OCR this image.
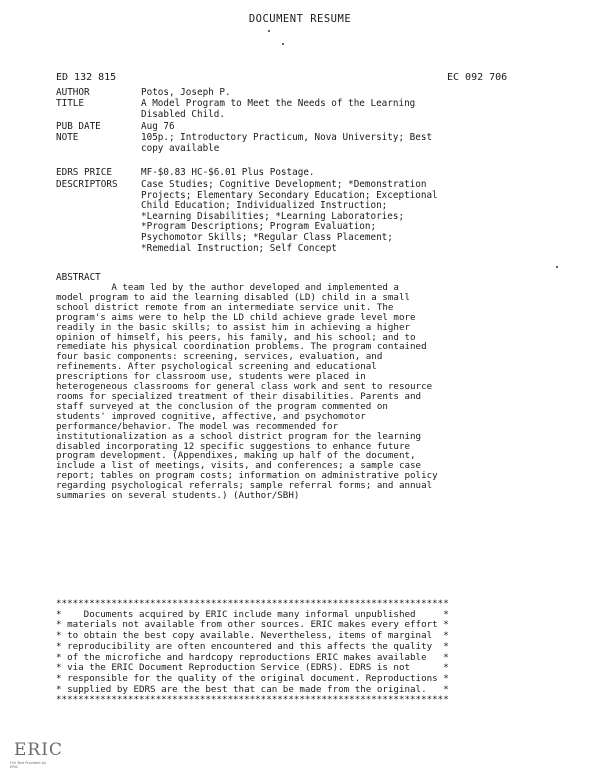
DOCUMENT RESUME
ED 132 815	EC 092 706
AUTHOR	Potos, Joseph P.
TITLE	A Model Program to Meet the Needs of the Learning
Disabled Child.
PUB DATE	Aug 76
NOTE	105p.; Introductory Practicum, Nova University; Best
copy available
EDRS PRICE	MF-$0.83 HC-$6.01 Plus Postage.
DESCRIPTORS	Case Studies; Cognitive Development; *Demonstration
Projects; Elementary Secondary Education; Exceptional
Child Education; Individualized Instruction;
*Learning Disabilities; *Learning Laboratories;
*Program Descriptions; Program Evaluation;
Psychomotor Skills; *Regular Class Placement;
*Remedial Instruction; Self Concept
ABSTRACT
A team led by the author developed and implemented a
model program to aid the learning disabled (LD) child in a small
school district remote from an intermediate service unit. The
program's aims were to help the LD child achieve grade level more
readily in the basic skills; to assist him in achieving a higher
opinion of himself, his peers, his family, and his school; and to
remediate his physical coordination problems. The program contained
four basic components: screening, services, evaluation, and
refinements. After psychological screening and educational
prescriptions for classroom use, students were placed in
heterogeneous classrooms for general class work and sent to resource
rooms for specialized treatment of their disabilities. Parents and
staff surveyed at the conclusion of the program commented on
students' improved cognitive, affective, and psychomotor
performance/behavior. The model was recommended for
institutionalization as a school district program for the learning
disabled incorporating 12 specific suggestions to enhance future
program development. (Appendixes, making up half of the document,
include a list of meetings, visits, and conferences; a sample case
report; tables on program costs; information on administrative policy
regarding psychological referrals; sample referral forms; and annual
summaries on several students.) (Author/SBH)
***********************************************************************
*    Documents acquired by ERIC include many informal unpublished     *
* materials not available from other sources. ERIC makes every effort *
* to obtain the best copy available. Nevertheless, items of marginal  *
* reproducibility are often encountered and this affects the quality  *
* of the microfiche and hardcopy reproductions ERIC makes available   *
* via the ERIC Document Reproduction Service (EDRS). EDRS is not      *
* responsible for the quality of the original document. Reproductions *
* supplied by EDRS are the best that can be made from the original.   *
***********************************************************************
ERIC
Full Text Provided by ERIC
